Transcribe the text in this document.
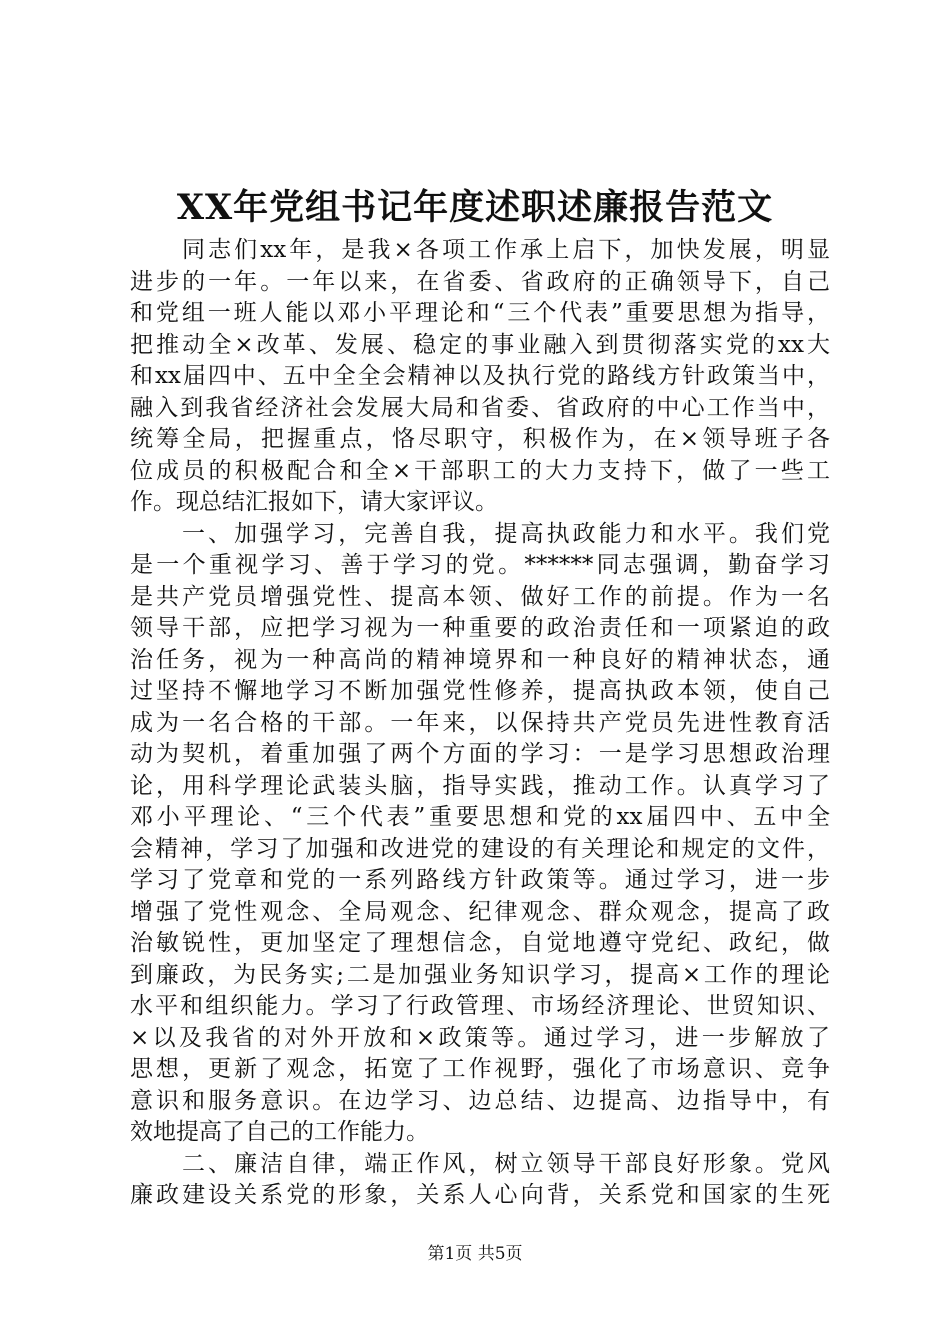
XX年党组书记年度述职述廉报告范文
同志们xx年，是我×各项工作承上启下，加快发展，明显
进步的一年。一年以来，在省委、省政府的正确领导下，自己
和党组一班人能以邓小平理论和“三个代表”重要思想为指导，
把推动全×改革、发展、稳定的事业融入到贯彻落实党的xx大
和xx届四中、五中全全会精神以及执行党的路线方针政策当中，
融入到我省经济社会发展大局和省委、省政府的中心工作当中，
统筹全局，把握重点，恪尽职守，积极作为，在×领导班子各
位成员的积极配合和全×干部职工的大力支持下，做了一些工
作。现总结汇报如下，请大家评议。
一、加强学习，完善自我，提高执政能力和水平。我们党
是一个重视学习、善于学习的党。******同志强调，勤奋学习
是共产党员增强党性、提高本领、做好工作的前提。作为一名
领导干部，应把学习视为一种重要的政治责任和一项紧迫的政
治任务，视为一种高尚的精神境界和一种良好的精神状态，通
过坚持不懈地学习不断加强党性修养，提高执政本领，使自己
成为一名合格的干部。一年来，以保持共产党员先进性教育活
动为契机，着重加强了两个方面的学习：一是学习思想政治理
论，用科学理论武装头脑，指导实践，推动工作。认真学习了
邓小平理论、“三个代表”重要思想和党的xx届四中、五中全
会精神，学习了加强和改进党的建设的有关理论和规定的文件，
学习了党章和党的一系列路线方针政策等。通过学习，进一步
增强了党性观念、全局观念、纪律观念、群众观念，提高了政
治敏锐性，更加坚定了理想信念，自觉地遵守党纪、政纪，做
到廉政，为民务实;二是加强业务知识学习，提高×工作的理论
水平和组织能力。学习了行政管理、市场经济理论、世贸知识、
×以及我省的对外开放和×政策等。通过学习，进一步解放了
思想，更新了观念，拓宽了工作视野，强化了市场意识、竞争
意识和服务意识。在边学习、边总结、边提高、边指导中，有
效地提高了自己的工作能力。
二、廉洁自律，端正作风，树立领导干部良好形象。党风
廉政建设关系党的形象，关系人心向背，关系党和国家的生死
第1页 共5页
